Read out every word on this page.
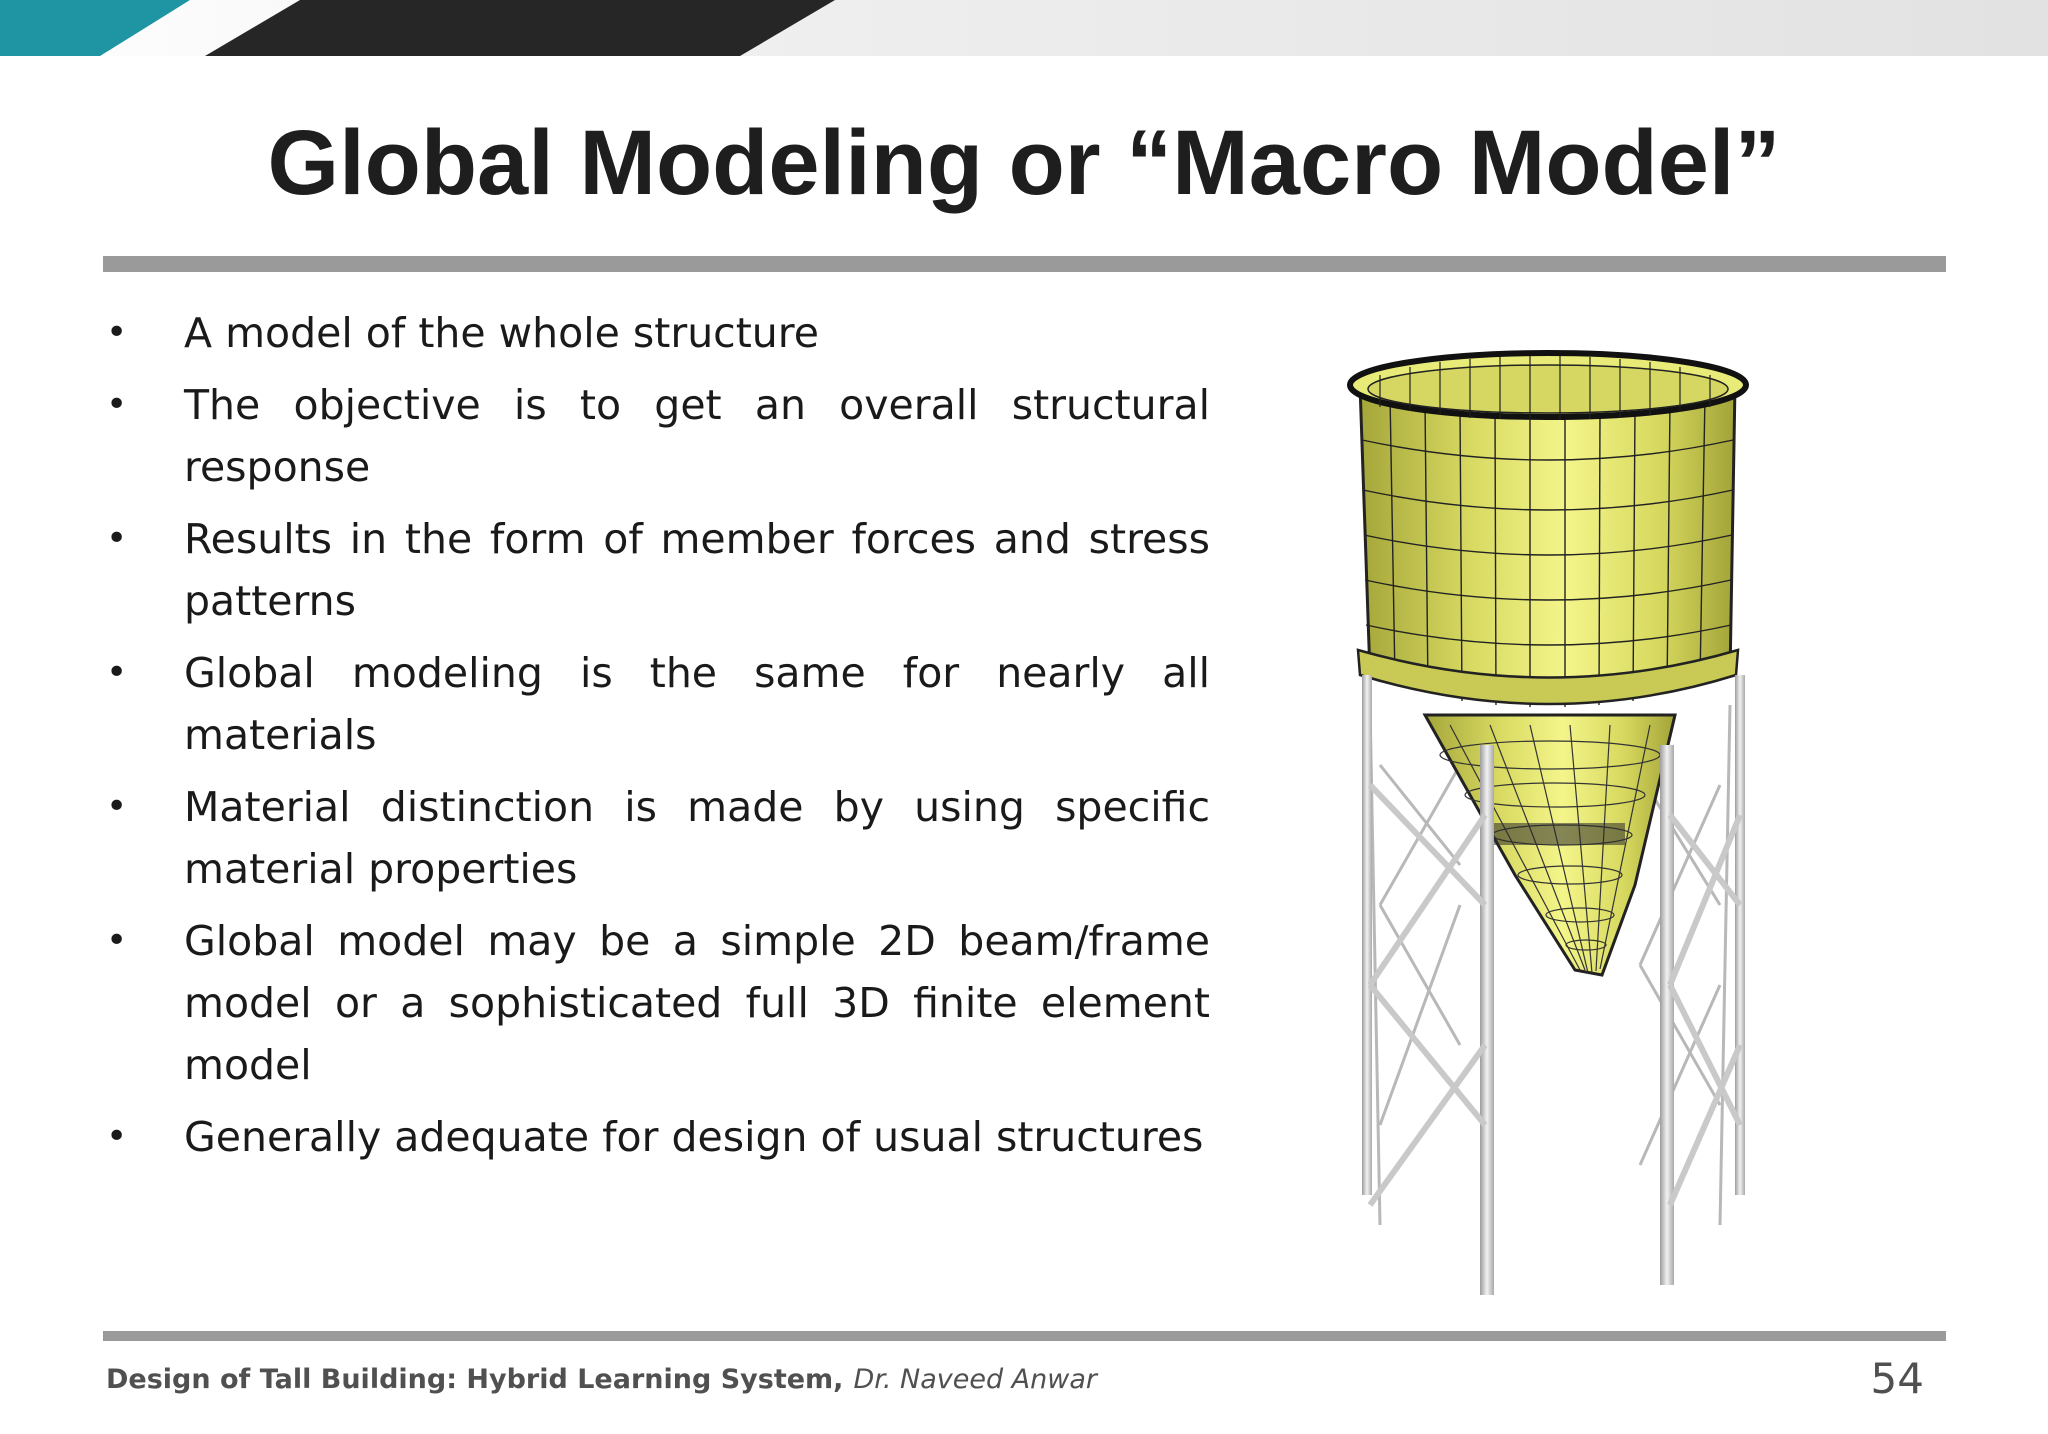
Global Modeling or “Macro Model”
• A model of the whole structure
• The objective is to get an overall structural response
• Results in the form of member forces and stress patterns
• Global modeling is the same for nearly all materials
• Material distinction is made by using specific material properties
• Global model may be a simple 2D beam/frame model or a sophisticated full 3D finite element model
• Generally adequate for design of usual structures
Design of Tall Building: Hybrid Learning System, Dr. Naveed Anwar	54
